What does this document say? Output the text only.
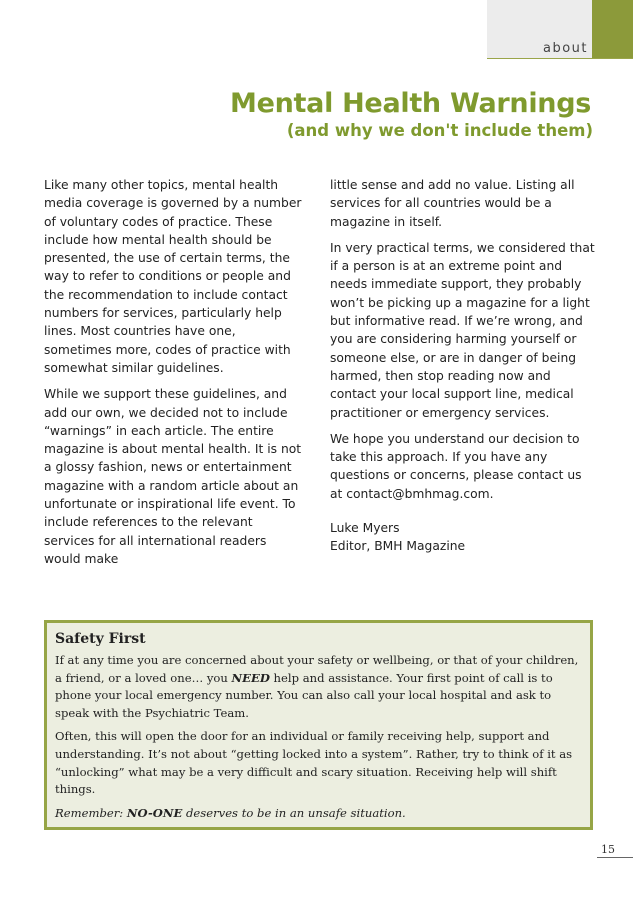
about
Mental Health Warnings
(and why we don't include them)

Like many other topics, mental health media coverage is governed by a number of voluntary codes of practice. These include how mental health should be presented, the use of certain terms, the way to refer to conditions or people and the recommendation to include contact numbers for services, particularly help lines. Most countries have one, sometimes more, codes of practice with somewhat similar guidelines.

While we support these guidelines, and add our own, we decided not to include “warnings” in each article. The entire magazine is about mental health. It is not a glossy fashion, news or entertainment magazine with a random article about an unfortunate or inspirational life event. To include references to the relevant services for all international readers would make

little sense and add no value. Listing all services for all countries would be a magazine in itself.

In very practical terms, we considered that if a person is at an extreme point and needs immediate support, they probably won’t be picking up a magazine for a light but informative read. If we’re wrong, and you are considering harming yourself or someone else, or are in danger of being harmed, then stop reading now and contact your local support line, medical practitioner or emergency services.

We hope you understand our decision to take this approach. If you have any questions or concerns, please contact us at contact@bmhmag.com.

Luke Myers
Editor, BMH Magazine
Safety First

If at any time you are concerned about your safety or wellbeing, or that of your children, a friend, or a loved one… you NEED help and assistance. Your first point of call is to phone your local emergency number. You can also call your local hospital and ask to speak with the Psychiatric Team.

Often, this will open the door for an individual or family receiving help, support and understanding. It’s not about “getting locked into a system”. Rather, try to think of it as “unlocking” what may be a very difficult and scary situation. Receiving help will shift things.

Remember: NO-ONE deserves to be in an unsafe situation.

15
